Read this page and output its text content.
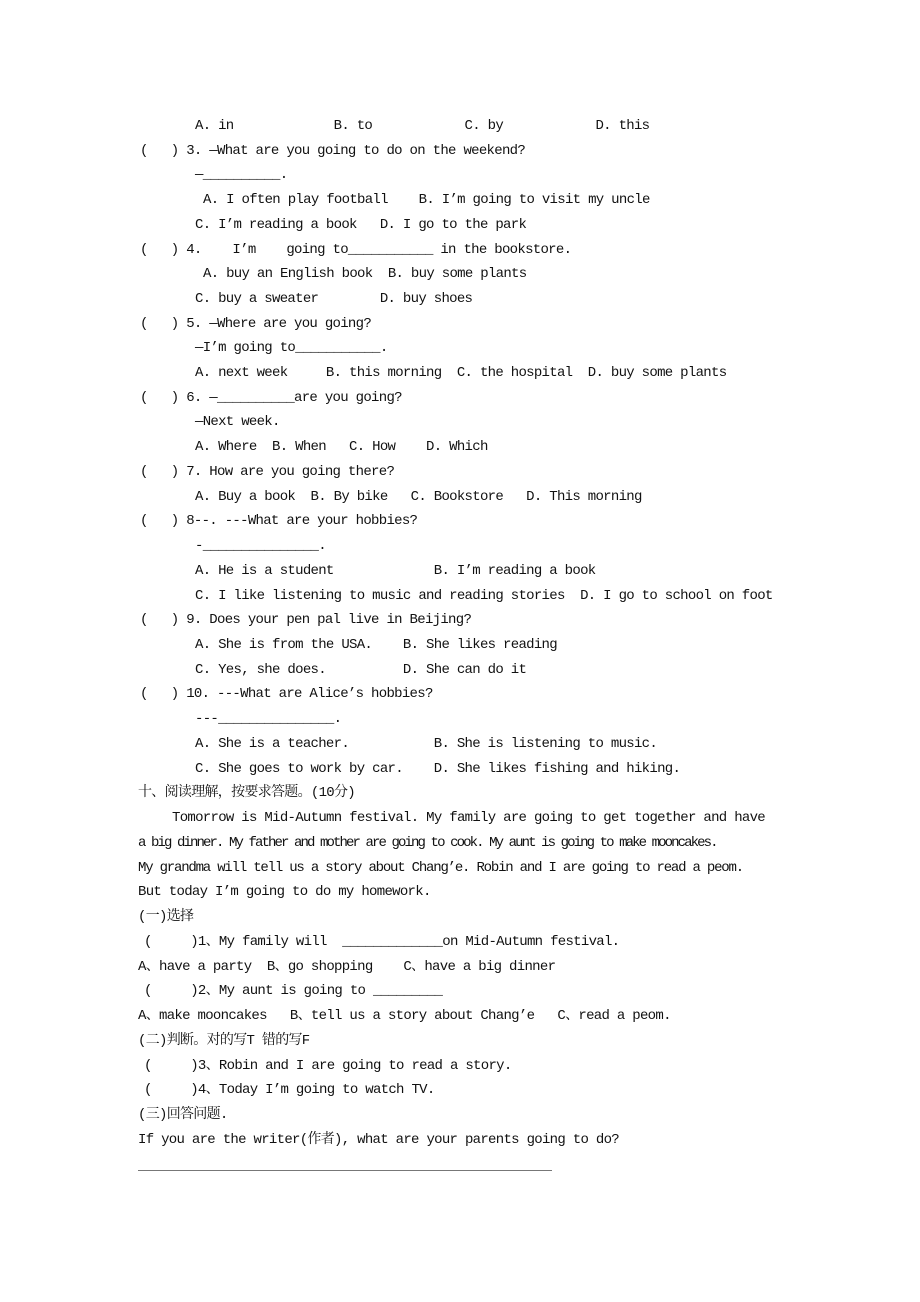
A. in             B. to            C. by            D. this
(   ) 3. —What are you going to do on the weekend?
—__________.
A. I often play football    B. I’m going to visit my uncle
C. I’m reading a book   D. I go to the park
(   ) 4.    I’m    going to___________ in the bookstore.
A. buy an English book  B. buy some plants
C. buy a sweater        D. buy shoes
(   ) 5. —Where are you going?
—I’m going to___________.
A. next week     B. this morning  C. the hospital  D. buy some plants
(   ) 6. —__________are you going?
—Next week.
A. Where  B. When   C. How    D. Which
(   ) 7. How are you going there?
A. Buy a book  B. By bike   C. Bookstore   D. This morning
(   ) 8--. ---What are your hobbies?
-_______________.
A. He is a student             B. I’m reading a book
C. I like listening to music and reading stories  D. I go to school on foot
(   ) 9. Does your pen pal live in Beijing?
A. She is from the USA.    B. She likes reading
C. Yes, she does.          D. She can do it
(   ) 10. ---What are Alice’s hobbies?
---_______________.
A. She is a teacher.           B. She is listening to music.
C. She goes to work by car.    D. She likes fishing and hiking.
十、阅读理解，按要求答题。(10分)
Tomorrow is Mid-Autumn festival. My family are going to get together and have
a big dinner. My father and mother are going to cook. My aunt is going to make mooncakes.
My grandma will tell us a story about Chang’e. Robin and I are going to read a peom.
But today I’m going to do my homework.
(一)选择
(     )1、My family will  _____________on Mid-Autumn festival.
A、have a party  B、go shopping    C、have a big dinner
(     )2、My aunt is going to _________
A、make mooncakes   B、tell us a story about Chang’e   C、read a peom.
(二)判断。对的写T 错的写F
(     )3、Robin and I are going to read a story.
(     )4、Today I’m going to watch TV.
(三)回答问题.
If you are the writer(作者), what are your parents going to do?
